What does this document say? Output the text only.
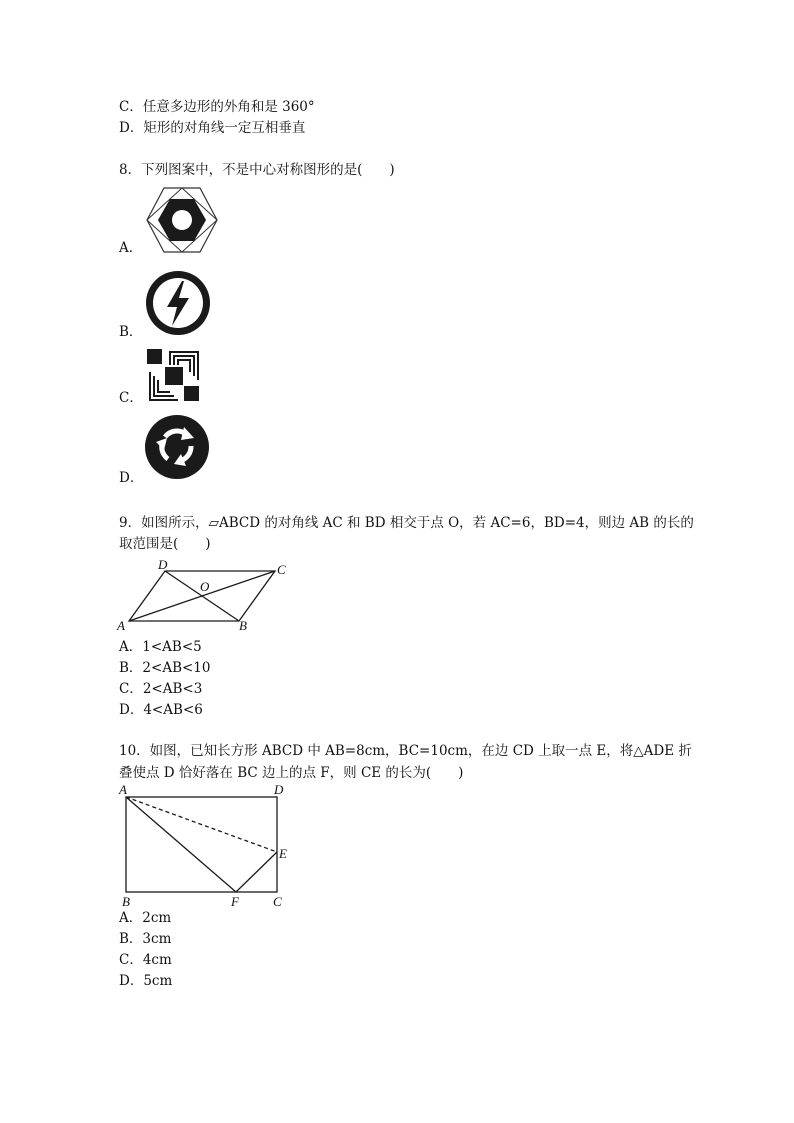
C．任意多边形的外角和是 360°
D．矩形的对角线一定互相垂直
8．下列图案中，不是中心对称图形的是(　　)
A．
B．
C．
D．
9．如图所示，▱ABCD 的对角线 AC 和 BD 相交于点 O，若 AC=6，BD=4，则边 AB 的长的
取范围是(　　)
A	B
C
D
O
A．1<AB<5
B．2<AB<10
C．2<AB<3
D．4<AB<6
10．如图，已知长方形 ABCD 中 AB=8cm，BC=10cm，在边 CD 上取一点 E，将△ADE 折
叠使点 D 恰好落在 BC 边上的点 F，则 CE 的长为(　　)
A	D
E
B	F	C
A．2cm
B．3cm
C．4cm
D．5cm
